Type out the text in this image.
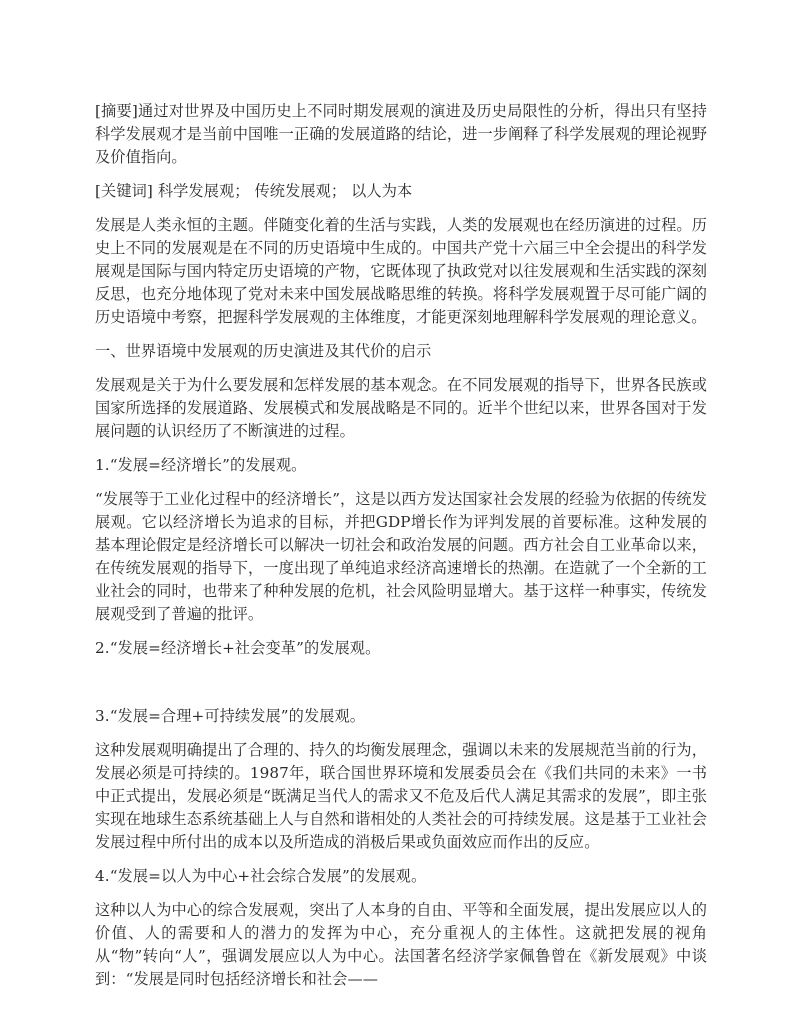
[摘要]通过对世界及中国历史上不同时期发展观的演进及历史局限性的分析，得出只有坚持科学发展观才是当前中国唯一正确的发展道路的结论，进一步阐释了科学发展观的理论视野及价值指向。

[关键词] 科学发展观； 传统发展观； 以人为本

发展是人类永恒的主题。伴随变化着的生活与实践，人类的发展观也在经历演进的过程。历史上不同的发展观是在不同的历史语境中生成的。中国共产党十六届三中全会提出的科学发展观是国际与国内特定历史语境的产物，它既体现了执政党对以往发展观和生活实践的深刻反思，也充分地体现了党对未来中国发展战略思维的转换。将科学发展观置于尽可能广阔的历史语境中考察，把握科学发展观的主体维度，才能更深刻地理解科学发展观的理论意义。

一、世界语境中发展观的历史演进及其代价的启示

发展观是关于为什么要发展和怎样发展的基本观念。在不同发展观的指导下，世界各民族或国家所选择的发展道路、发展模式和发展战略是不同的。近半个世纪以来，世界各国对于发展问题的认识经历了不断演进的过程。

1.“发展=经济增长”的发展观。

“发展等于工业化过程中的经济增长”，这是以西方发达国家社会发展的经验为依据的传统发展观。它以经济增长为追求的目标，并把GDP增长作为评判发展的首要标准。这种发展的基本理论假定是经济增长可以解决一切社会和政治发展的问题。西方社会自工业革命以来，在传统发展观的指导下，一度出现了单纯追求经济高速增长的热潮。在造就了一个全新的工业社会的同时，也带来了种种发展的危机，社会风险明显增大。基于这样一种事实，传统发展观受到了普遍的批评。

2.“发展=经济增长+社会变革”的发展观。

3.“发展=合理+可持续发展”的发展观。

这种发展观明确提出了合理的、持久的均衡发展理念，强调以未来的发展规范当前的行为，发展必须是可持续的。1987年，联合国世界环境和发展委员会在《我们共同的未来》一书中正式提出，发展必须是“既满足当代人的需求又不危及后代人满足其需求的发展”，即主张实现在地球生态系统基础上人与自然和谐相处的人类社会的可持续发展。这是基于工业社会发展过程中所付出的成本以及所造成的消极后果或负面效应而作出的反应。

4.“发展=以人为中心+社会综合发展”的发展观。

这种以人为中心的综合发展观，突出了人本身的自由、平等和全面发展，提出发展应以人的价值、人的需要和人的潜力的发挥为中心，充分重视人的主体性。这就把发展的视角从“物”转向“人”，强调发展应以人为中心。法国著名经济学家佩鲁曾在《新发展观》中谈到：“发展是同时包括经济增长和社会——
